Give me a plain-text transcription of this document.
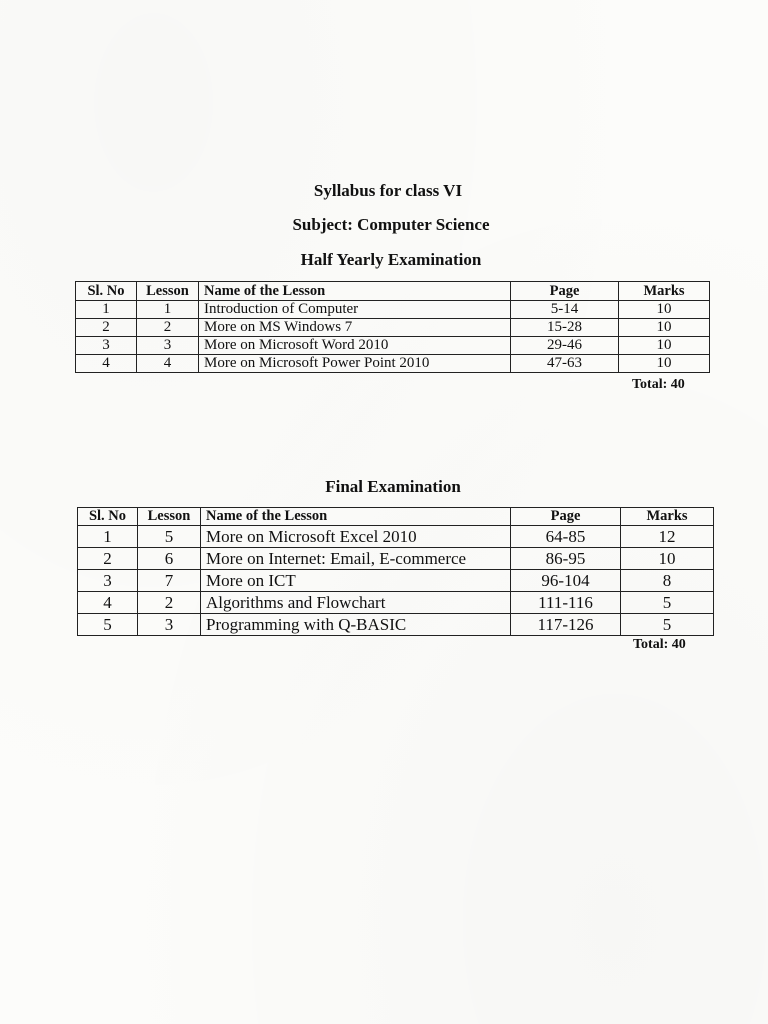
Syllabus for class VI
Subject: Computer Science
Half Yearly Examination
Sl. No	Lesson	Name of the Lesson	Page	Marks
1	1	Introduction of Computer	5-14	10
2	2	More on MS Windows 7	15-28	10
3	3	More on Microsoft Word 2010	29-46	10
4	4	More on Microsoft Power Point 2010	47-63	10
Total: 40
Final Examination
Sl. No	Lesson	Name of the Lesson	Page	Marks
1	5	More on Microsoft Excel 2010	64-85	12
2	6	More on Internet: Email, E-commerce	86-95	10
3	7	More on ICT	96-104	8
4	2	Algorithms and Flowchart	111-116	5
5	3	Programming with Q-BASIC	117-126	5
Total: 40
